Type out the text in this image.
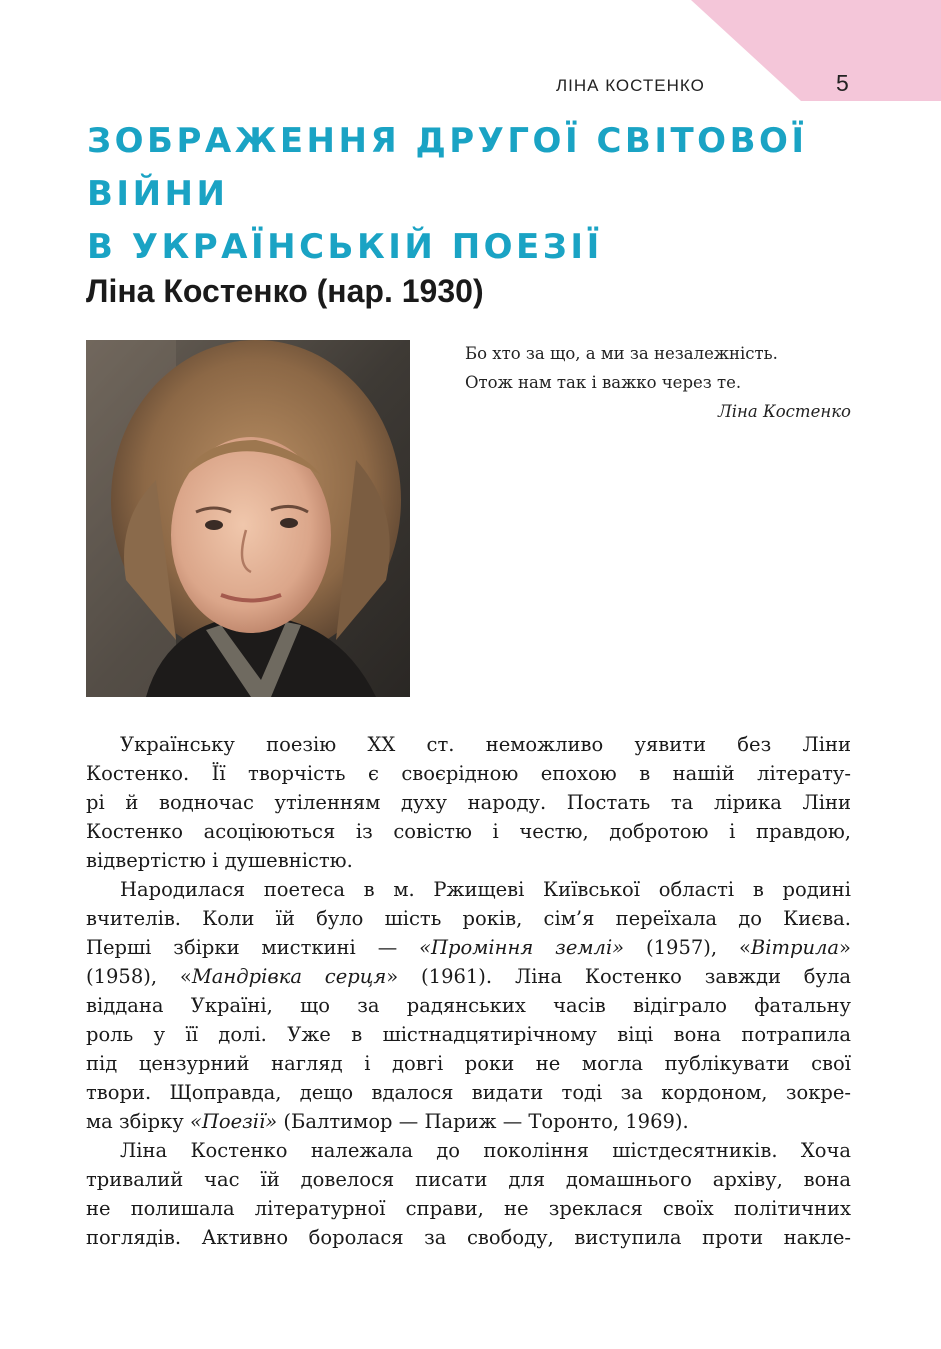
ЛІНА КОСТЕНКО	5
ЗОБРАЖЕННЯ ДРУГОЇ СВІТОВОЇ ВІЙНИ
В УКРАЇНСЬКІЙ ПОЕЗІЇ
Ліна Костенко (нар. 1930)
Бо хто за що, а ми за незалежність.
Отож нам так і важко через те.
Ліна Костенко
Українську поезію XX ст. неможливо уявити без Ліни
Костенко. Її творчість є своєрідною епохою в нашій літерату-
рі й водночас утіленням духу народу. Постать та лірика Ліни
Костенко асоціюються із совістю і честю, добротою і правдою,
відвертістю і душевністю.
Народилася поетеса в м. Ржищеві Київської області в родині
вчителів. Коли їй було шість років, сім’я переїхала до Києва.
Перші збірки мисткині — «Проміння землі» (1957), «Вітрила»
(1958), «Мандрівка серця» (1961). Ліна Костенко завжди була
віддана Україні, що за радянських часів відіграло фатальну
роль у її долі. Уже в шістнадцятирічному віці вона потрапила
під цензурний нагляд і довгі роки не могла публікувати свої
твори. Щоправда, дещо вдалося видати тоді за кордоном, зокре-
ма збірку «Поезії» (Балтимор — Париж — Торонто, 1969).
Ліна Костенко належала до покоління шістдесятників. Хоча
тривалий час їй довелося писати для домашнього архіву, вона
не полишала літературної справи, не зреклася своїх політичних
поглядів. Активно боролася за свободу, виступила проти накле-
